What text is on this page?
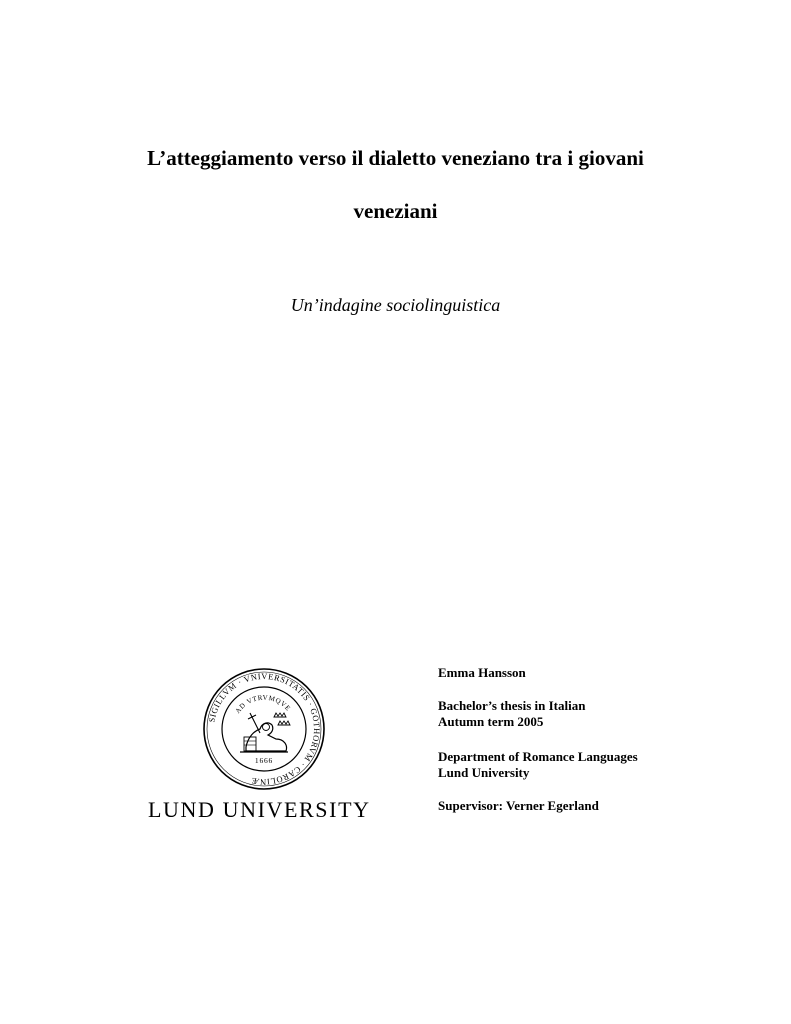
L’atteggiamento verso il dialetto veneziano tra i giovani
veneziani

Un’indagine sociolinguistica

SIGILLVM · VNIVERSITATIS · GOTHORVM · CAROLINÆ
AD VTRVMQVE
1666

LUND UNIVERSITY

Emma Hansson

Bachelor’s thesis in Italian

Autumn term 2005

Department of Romance Languages

Lund University

Supervisor: Verner Egerland
